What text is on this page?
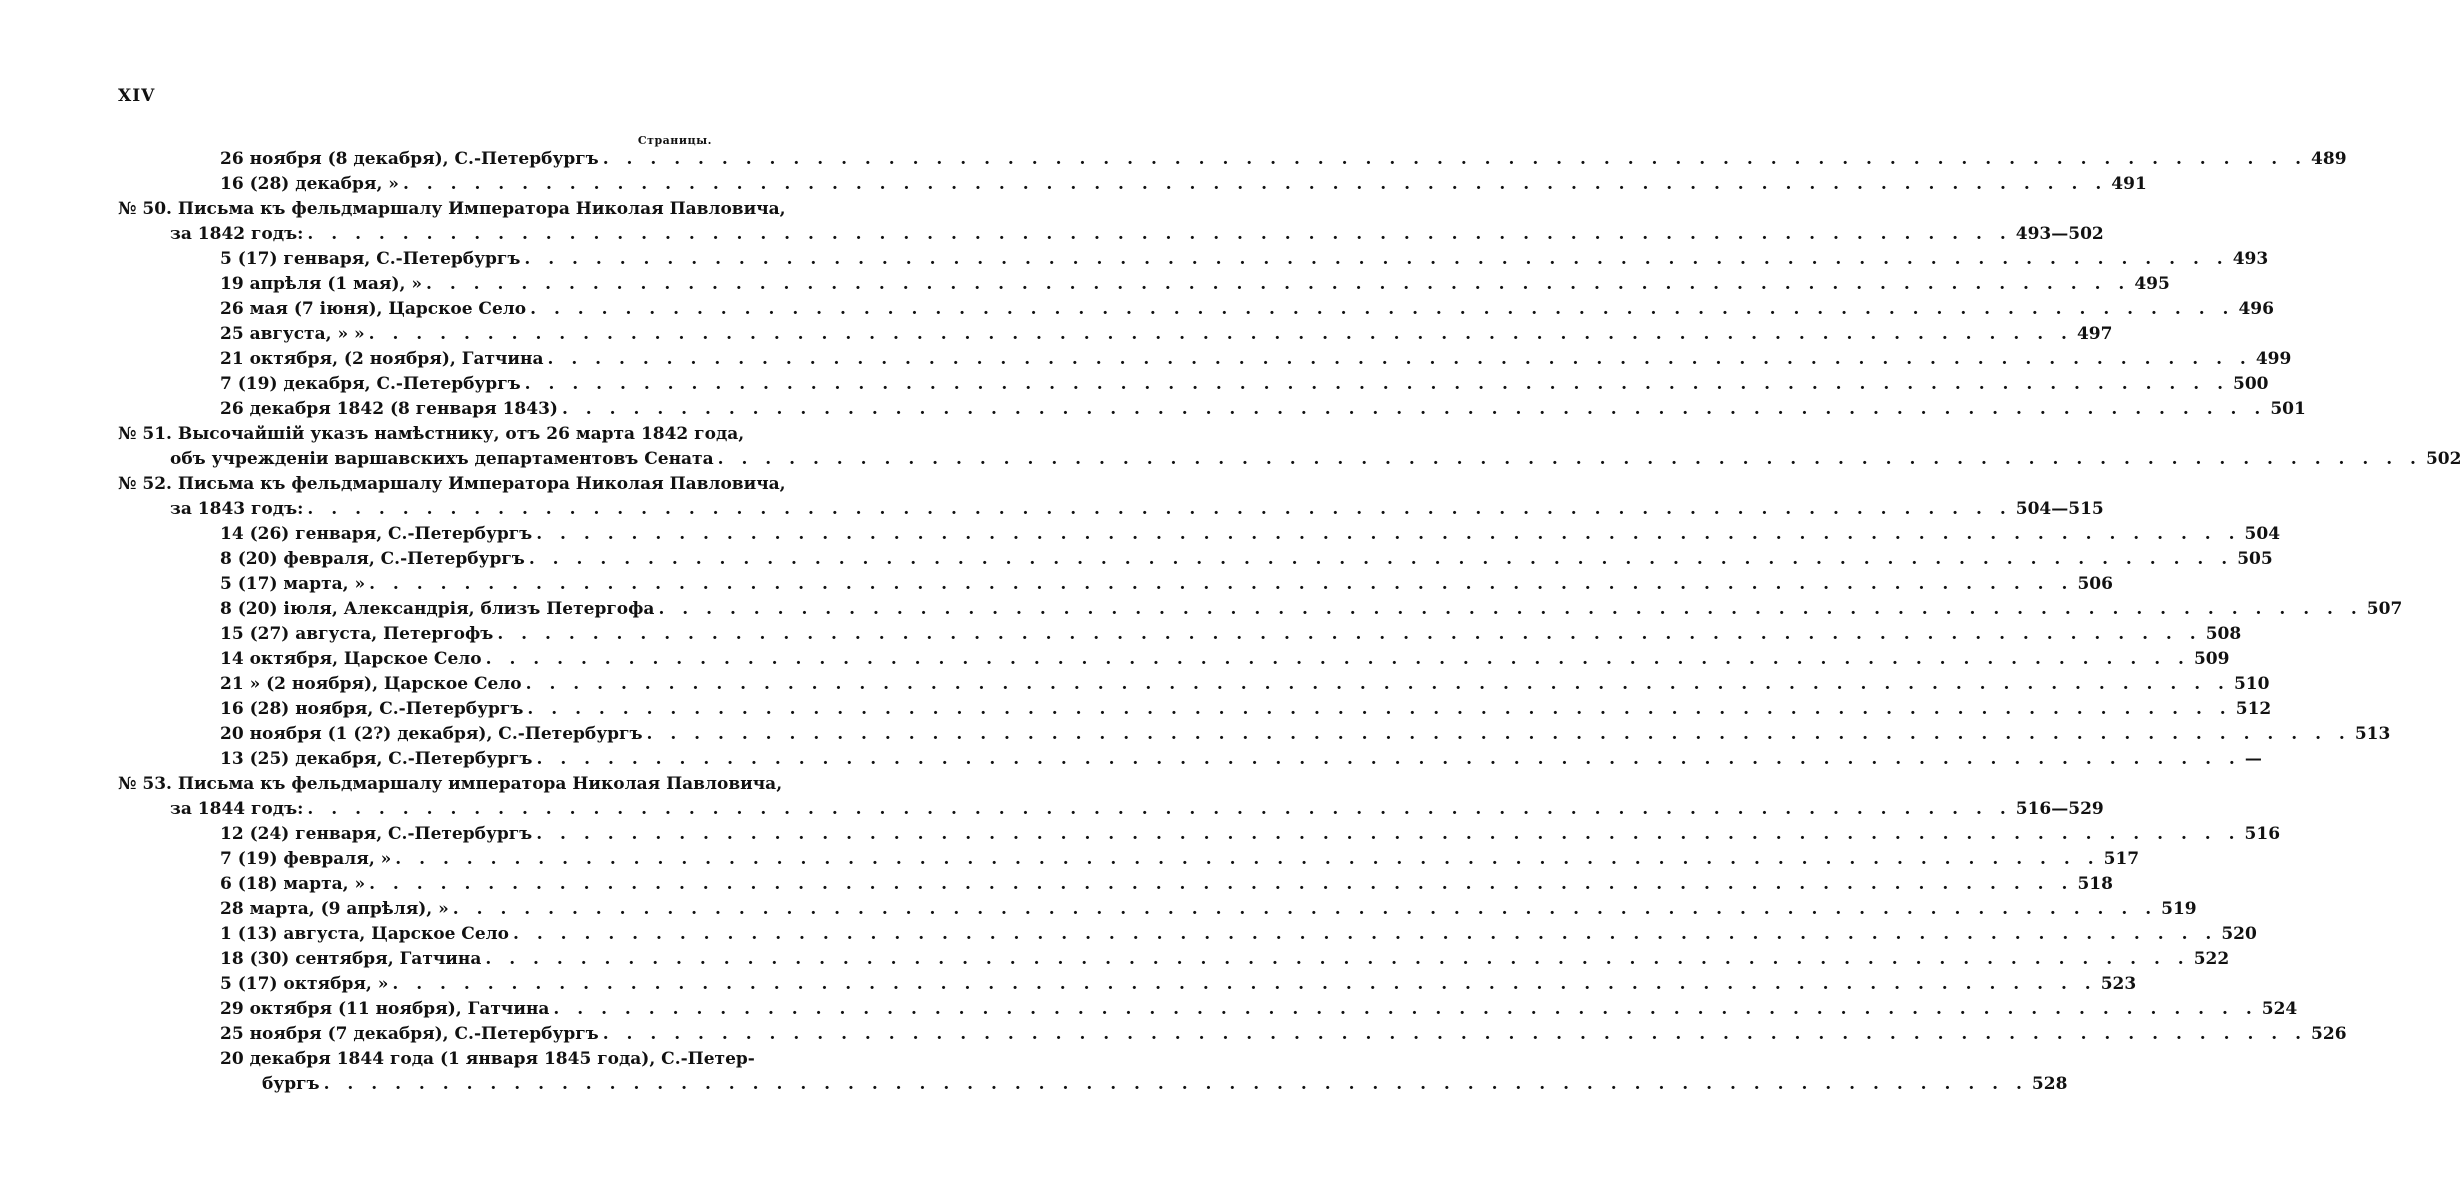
XIV
Страницы.
26 ноября (8 декабря), С.-Петербургъ . . .	489
16 (28) декабря, » . . .	491
№ 50. Письма къ фельдмаршалу Императора Николая Павловича,
за 1842 годъ: . . .	493—502
5 (17) генваря, С.-Петербургъ . . .	493
19 апрѣля (1 мая), » . . .	495
26 мая (7 іюня), Царское Село . . .	496
25 августа, » » . . .	497
21 октября, (2 ноября), Гатчина . . .	499
7 (19) декабря, С.-Петербургъ . . .	500
26 декабря 1842 (8 генваря 1843) . . .	501
№ 51. Высочайшій указъ намѣстнику, отъ 26 марта 1842 года,
объ учрежденіи варшавскихъ департаментовъ Сената . . .	502
№ 52. Письма къ фельдмаршалу Императора Николая Павловича,
за 1843 годъ: . . .	504—515
14 (26) генваря, С.-Петербургъ . . .	504
8 (20) февраля, С.-Петербургъ . . .	505
5 (17) марта, » . . .	506
8 (20) іюля, Александрія, близъ Петергофа . . .	507
15 (27) августа, Петергофъ . . .	508
14 октября, Царское Село . . .	509
21 » (2 ноября), Царское Село . . .	510
16 (28) ноября, С.-Петербургъ . . .	512
20 ноября (1 (2?) декабря), С.-Петербургъ . . .	513
13 (25) декабря, С.-Петербургъ . . .	—
№ 53. Письма къ фельдмаршалу императора Николая Павловича,
за 1844 годъ: . . .	516—529
12 (24) генваря, С.-Петербургъ . . .	516
7 (19) февраля, » . . .	517
6 (18) марта, » . . .	518
28 марта, (9 апрѣля), » . . .	519
1 (13) августа, Царское Село . . .	520
18 (30) сентября, Гатчина . . .	522
5 (17) октября, » . . .	523
29 октября (11 ноября), Гатчина . . .	524
25 ноября (7 декабря), С.-Петербургъ . . .	526
20 декабря 1844 года (1 января 1845 года), С.-Петер-
бургъ . . .	528
